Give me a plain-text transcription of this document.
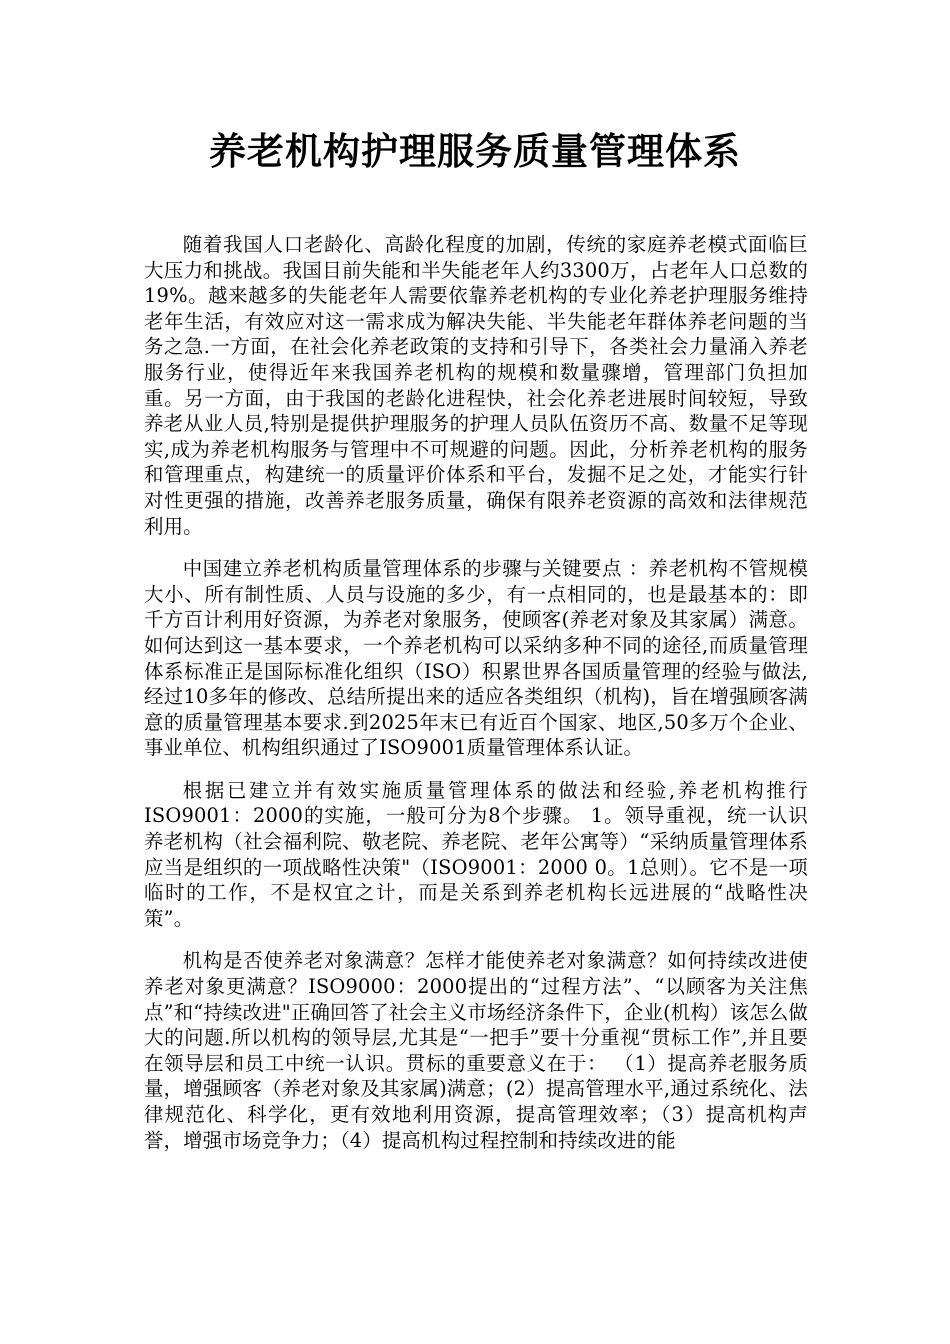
养老机构护理服务质量管理体系

随着我国人口老龄化、高龄化程度的加剧，传统的家庭养老模式面临巨大压力和挑战。我国目前失能和半失能老年人约3300万，占老年人口总数的 19%。越来越多的失能老年人需要依靠养老机构的专业化养老护理服务维持老年生活，有效应对这一需求成为解决失能、半失能老年群体养老问题的当务之急.一方面，在社会化养老政策的支持和引导下，各类社会力量涌入养老服务行业，使得近年来我国养老机构的规模和数量骤增，管理部门负担加重。另一方面，由于我国的老龄化进程快，社会化养老进展时间较短，导致养老从业人员,特别是提供护理服务的护理人员队伍资历不高、数量不足等现实,成为养老机构服务与管理中不可规避的问题。因此，分析养老机构的服务和管理重点，构建统一的质量评价体系和平台，发掘不足之处，才能实行针对性更强的措施，改善养老服务质量，确保有限养老资源的高效和法律规范利用。

中国建立养老机构质量管理体系的步骤与关键要点 ：养老机构不管规模大小、所有制性质、人员与设施的多少，有一点相同的，也是最基本的：即千方百计利用好资源，为养老对象服务，使顾客(养老对象及其家属）满意。如何达到这一基本要求，一个养老机构可以采纳多种不同的途径,而质量管理体系标准正是国际标准化组织（ISO）积累世界各国质量管理的经验与做法,经过10多年的修改、总结所提出来的适应各类组织（机构)，旨在增强顾客满意的质量管理基本要求.到2025年末已有近百个国家、地区,50多万个企业、事业单位、机构组织通过了ISO9001质量管理体系认证。

根据已建立并有效实施质量管理体系的做法和经验,养老机构推行ISO9001：2000的实施，一般可分为8个步骤。 1。领导重视，统一认识 养老机构（社会福利院、敬老院、养老院、老年公寓等）“采纳质量管理体系应当是组织的一项战略性决策"（ISO9001：2000 0。1总则）。它不是一项临时的工作，不是权宜之计，而是关系到养老机构长远进展的“战略性决策”。

机构是否使养老对象满意？怎样才能使养老对象满意？如何持续改进使养老对象更满意？ISO9000：2000提出的“过程方法”、“以顾客为关注焦点”和“持续改进"正确回答了社会主义市场经济条件下，企业(机构）该怎么做大的问题.所以机构的领导层,尤其是“一把手”要十分重视“贯标工作”,并且要在领导层和员工中统一认识。贯标的重要意义在于： （1）提高养老服务质量，增强顾客（养老对象及其家属)满意；(2）提高管理水平,通过系统化、法律规范化、科学化，更有效地利用资源，提高管理效率；（3）提高机构声誉，增强市场竞争力；（4）提高机构过程控制和持续改进的能
